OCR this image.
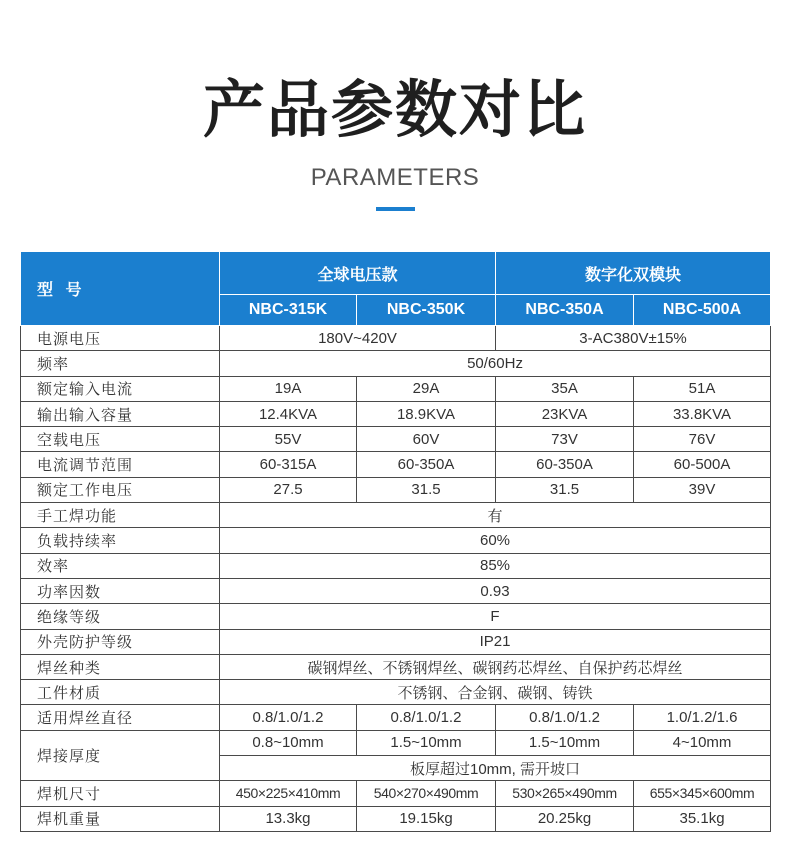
产品参数对比
PARAMETERS
型 号	全球电压款		数字化双模块	
	NBC-315K	NBC-350K	NBC-350A	NBC-500A
电源电压	180V~420V		3-AC380V±15%	
频率	50/60Hz			
额定输入电流	19A	29A	35A	51A
输出输入容量	12.4KVA	18.9KVA	23KVA	33.8KVA
空载电压	55V	60V	73V	76V
电流调节范围	60-315A	60-350A	60-350A	60-500A
额定工作电压	27.5	31.5	31.5	39V
手工焊功能	有			
负载持续率	60%			
效率	85%			
功率因数	0.93			
绝缘等级	F			
外壳防护等级	IP21			
焊丝种类	碳钢焊丝、不锈钢焊丝、碳钢药芯焊丝、自保护药芯焊丝			
工件材质	不锈钢、合金钢、碳钢、铸铁			
适用焊丝直径	0.8/1.0/1.2	0.8/1.0/1.2	0.8/1.0/1.2	1.0/1.2/1.6
焊接厚度	0.8~10mm	1.5~10mm	1.5~10mm	4~10mm
	板厚超过10mm, 需开坡口			
焊机尺寸	450×225×410mm	540×270×490mm	530×265×490mm	655×345×600mm
焊机重量	13.3kg	19.15kg	20.25kg	35.1kg
